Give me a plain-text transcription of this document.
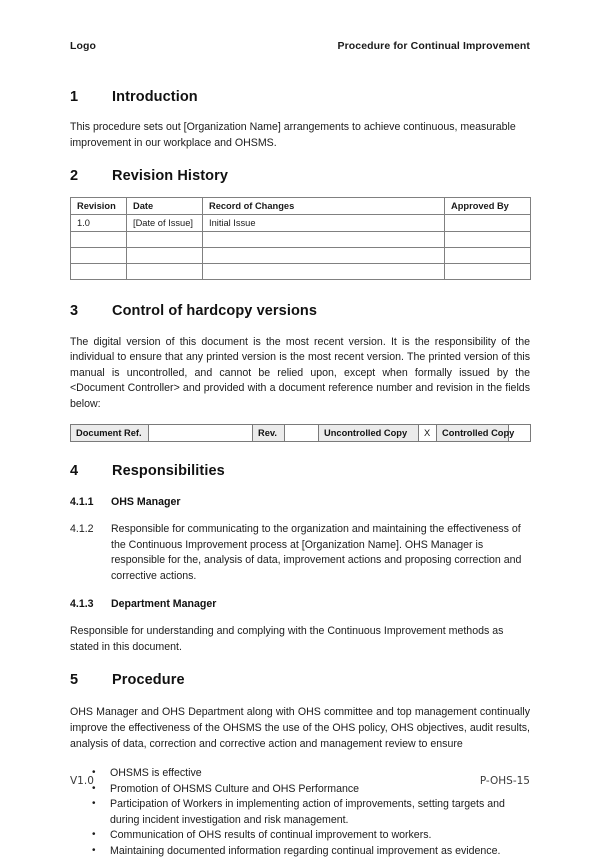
Logo	Procedure for Continual Improvement
1	Introduction

This procedure sets out [Organization Name] arrangements to achieve continuous, measurable improvement in our workplace and OHSMS.

2	Revision History
Revision	Date	Record of Changes	Approved By
1.0	[Date of Issue]	Initial Issue	

3	Control of hardcopy versions

The digital version of this document is the most recent version. It is the responsibility of the individual to ensure that any printed version is the most recent version. The printed version of this manual is uncontrolled, and cannot be relied upon, except when formally issued by the <Document Controller> and provided with a document reference number and revision in the fields below:

Document Ref.		Rev.		Uncontrolled Copy	X	Controlled Copy	
4	Responsibilities
4.1.1	OHS Manager
4.1.2	Responsible for communicating to the organization and maintaining the effectiveness of the Continuous Improvement process at [Organization Name]. OHS Manager is responsible for the, analysis of data, improvement actions and proposing correction and corrective actions.
4.1.3	Department Manager

Responsible for understanding and complying with the Continuous Improvement methods as stated in this document.

5	Procedure

OHS Manager and OHS Department along with OHS committee and top management continually improve the effectiveness of the OHSMS the use of the OHS policy, OHS objectives, audit results, analysis of data, correction and corrective action and management review to ensure

•	OHSMS is effective
•	Promotion of OHSMS Culture and OHS Performance
•	Participation of Workers in implementing action of improvements, setting targets and during incident investigation and risk management.
•	Communication of OHS results of continual improvement to workers.
•	Maintaining documented information regarding continual improvement as evidence.
V1.0	P-OHS-15
